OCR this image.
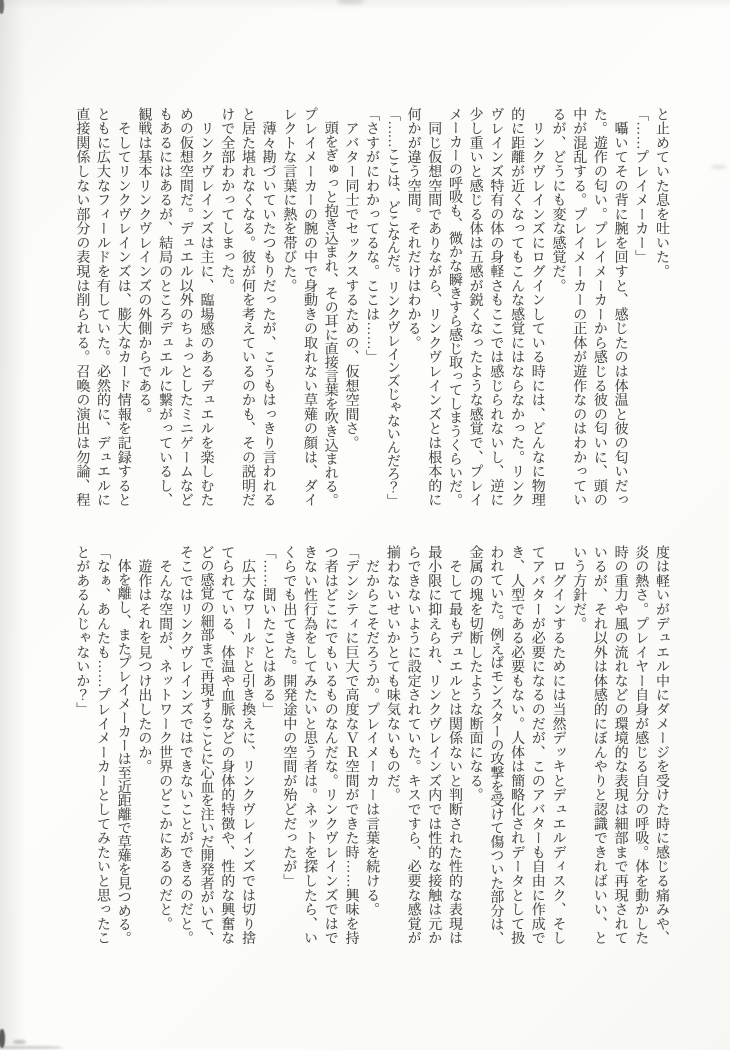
と止めていた息を吐いた。
「……プレイメーカー」
　囁いてその背に腕を回すと、感じたのは体温と彼の匂いだっ
た。遊作の匂い。プレイメーカーから感じる彼の匂いに、頭の
中が混乱する。プレイメーカーの正体が遊作なのはわかってい
るが、どうにも変な感覚だ。
　リンクヴレインズにログインしている時には、どんなに物理
的に距離が近くなってもこんな感覚にはならなかった。リンク
ヴレインズ特有の体の身軽さもここでは感じられないし、逆に
少し重いと感じる体は五感が鋭くなったような感覚で、プレイ
メーカーの呼吸も、微かな瞬きすら感じ取ってしまうくらいだ。
　同じ仮想空間でありながら、リンクヴレインズとは根本的に
何かが違う空間。それだけはわかる。
「……ここは、どこなんだ。リンクヴレインズじゃないんだろ？」
「さすがにわかってるな。ここは……」
　アバター同士でセックスするための、仮想空間さ。
　頭をぎゅっと抱き込まれ、その耳に直接言葉を吹き込まれる。
プレイメーカーの腕の中で身動きの取れない草薙の顔は、ダイ
レクトな言葉に熱を帯びた。
　薄々勘づいていたつもりだったが、こうもはっきり言われる
と居た堪れなくなる。彼が何を考えているのかも、その説明だ
けで全部わかってしまった。
　リンクヴレインズは主に、臨場感のあるデュエルを楽しむた
めの仮想空間だ。デュエル以外のちょっとしたミニゲームなど
もあるにはあるが、結局のところデュエルに繋がっているし、
観戦は基本リンクヴレインズの外側からである。
　そしてリンクヴレインズは、膨大なカード情報を記録すると
ともに広大なフィールドを有していた。必然的に、デュエルに
直接関係しない部分の表現は削られる。召喚の演出は勿論、程
度は軽いがデュエル中にダメージを受けた時に感じる痛みや、
炎の熱さ。プレイヤー自身が感じる自分の呼吸。体を動かした
時の重力や風の流れなどの環境的な表現は細部まで再現されて
いるが、それ以外は体感的にぼんやりと認識できればいい、と
いう方針だ。
　ログインするためには当然デッキとデュエルディスク、そし
てアバターが必要になるのだが、このアバターも自由に作成で
き、人型である必要もない。人体は簡略化されデータとして扱
われていた。例えばモンスターの攻撃を受けて傷ついた部分は、
金属の塊を切断したような断面になる。
　そして最もデュエルとは関係ないと判断された性的な表現は
最小限に抑えられ、リンクヴレインズ内では性的な接触は元か
らできないように設定されていた。キスですら、必要な感覚が
揃わないせいかとても味気ないものだ。
　だからこそだろうか。プレイメーカーは言葉を続ける。
「デンシティに巨大で高度なＶＲ空間ができた時……興味を持
つ者はどこにでもいるものなんだな。リンクヴレインズではで
きない性行為をしてみたいと思う者は。ネットを探したら、い
くらでも出てきた。開発途中の空間が殆どだったが」
「……聞いたことはある」
　広大なワールドと引き換えに、リンクヴレインズでは切り捨
てられている、体温や血脈などの身体的特徴や、性的な興奮な
どの感覚の細部まで再現することに心血を注いだ開発者がいて、
そこではリンクヴレインズではできないことができるのだと。
　そんな空間が、ネットワーク世界のどこかにあるのだと。
　遊作はそれを見つけ出したのか。
　体を離し、またプレイメーカーは至近距離で草薙を見つめる。
「なぁ、あんたも……プレイメーカーとしてみたいと思ったこ
とがあるんじゃないか？」
